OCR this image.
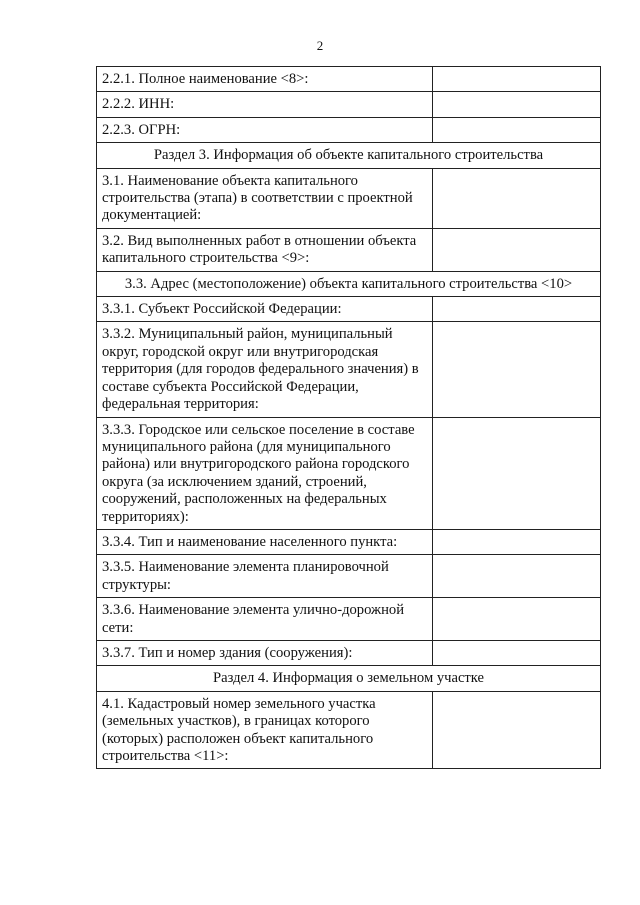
2
2.2.1. Полное наименование <8>:	
2.2.2. ИНН:	
2.2.3. ОГРН:	
Раздел 3. Информация об объекте капитального строительства	
3.1. Наименование объекта капитального строительства (этапа) в соответствии с проектной документацией:	
3.2. Вид выполненных работ в отношении объекта капитального строительства <9>:	
3.3. Адрес (местоположение) объекта капитального строительства <10>	
3.3.1. Субъект Российской Федерации:	
3.3.2. Муниципальный район, муниципальный округ, городской округ или внутригородская территория (для городов федерального значения) в составе субъекта Российской Федерации, федеральная территория:	
3.3.3. Городское или сельское поселение в составе муниципального района (для муниципального района) или внутригородского района городского округа (за исключением зданий, строений, сооружений, расположенных на федеральных территориях):	
3.3.4. Тип и наименование населенного пункта:	
3.3.5. Наименование элемента планировочной структуры:	
3.3.6. Наименование элемента улично-дорожной сети:	
3.3.7. Тип и номер здания (сооружения):	
Раздел 4. Информация о земельном участке	
4.1. Кадастровый номер земельного участка (земельных участков), в границах которого (которых) расположен объект капитального строительства <11>:	
